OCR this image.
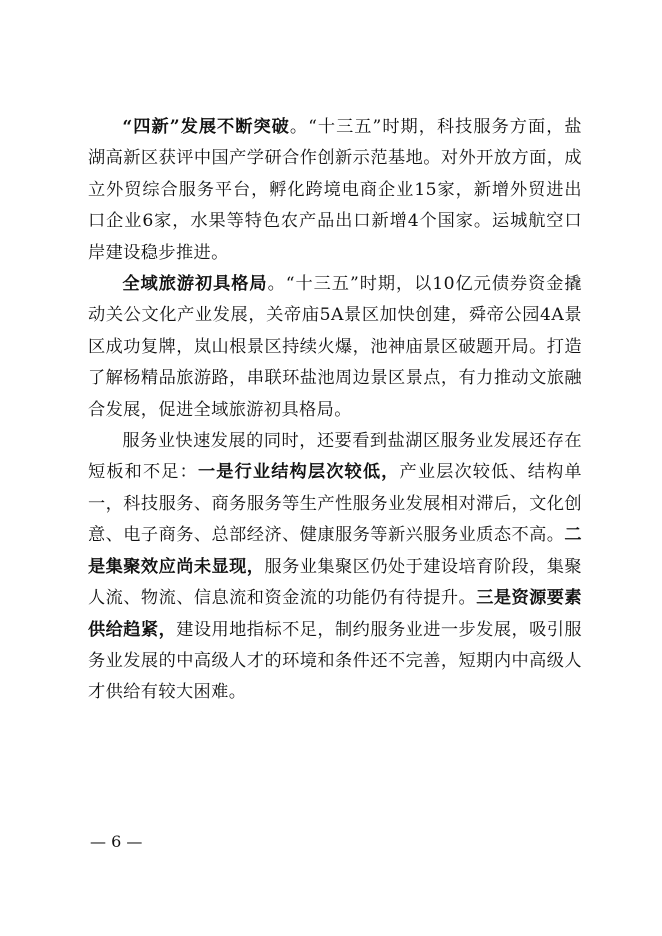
“四新”发展不断突破。“十三五”时期，科技服务方面，盐湖高新区获评中国产学研合作创新示范基地。对外开放方面，成立外贸综合服务平台，孵化跨境电商企业15家，新增外贸进出口企业6家，水果等特色农产品出口新增4个国家。运城航空口岸建设稳步推进。

全域旅游初具格局。“十三五”时期，以10亿元债券资金撬动关公文化产业发展，关帝庙5A景区加快创建，舜帝公园4A景区成功复牌，岚山根景区持续火爆，池神庙景区破题开局。打造了解杨精品旅游路，串联环盐池周边景区景点，有力推动文旅融合发展，促进全域旅游初具格局。

服务业快速发展的同时，还要看到盐湖区服务业发展还存在短板和不足：一是行业结构层次较低，产业层次较低、结构单一，科技服务、商务服务等生产性服务业发展相对滞后，文化创意、电子商务、总部经济、健康服务等新兴服务业质态不高。二是集聚效应尚未显现，服务业集聚区仍处于建设培育阶段，集聚人流、物流、信息流和资金流的功能仍有待提升。三是资源要素供给趋紧，建设用地指标不足，制约服务业进一步发展，吸引服务业发展的中高级人才的环境和条件还不完善，短期内中高级人才供给有较大困难。

— 6 —
